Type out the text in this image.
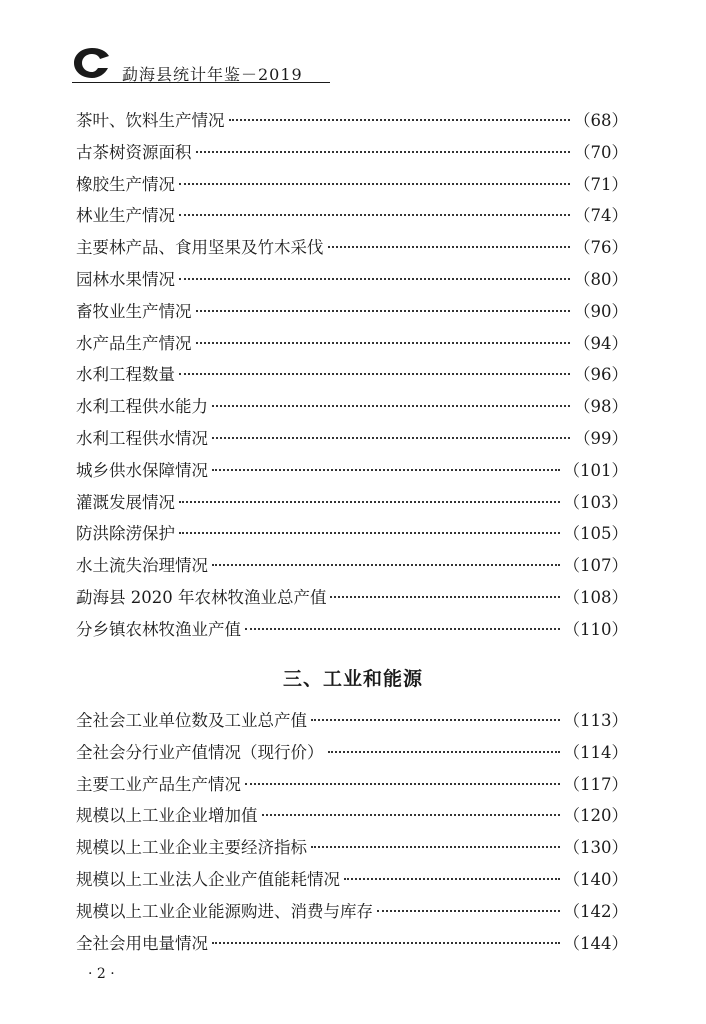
勐海县统计年鉴－2019
茶叶、饮料生产情况	（68）
古茶树资源面积	（70）
橡胶生产情况	（71）
林业生产情况	（74）
主要林产品、食用坚果及竹木采伐	（76）
园林水果情况	（80）
畜牧业生产情况	（90）
水产品生产情况	（94）
水利工程数量	（96）
水利工程供水能力	（98）
水利工程供水情况	（99）
城乡供水保障情况	（101）
灌溉发展情况	（103）
防洪除涝保护	（105）
水土流失治理情况	（107）
勐海县 2020 年农林牧渔业总产值	（108）
分乡镇农林牧渔业产值	（110）
三、工业和能源
全社会工业单位数及工业总产值	（113）
全社会分行业产值情况（现行价）	（114）
主要工业产品生产情况	（117）
规模以上工业企业增加值	（120）
规模以上工业企业主要经济指标	（130）
规模以上工业法人企业产值能耗情况	（140）
规模以上工业企业能源购进、消费与库存	（142）
全社会用电量情况	（144）
· 2 ·
